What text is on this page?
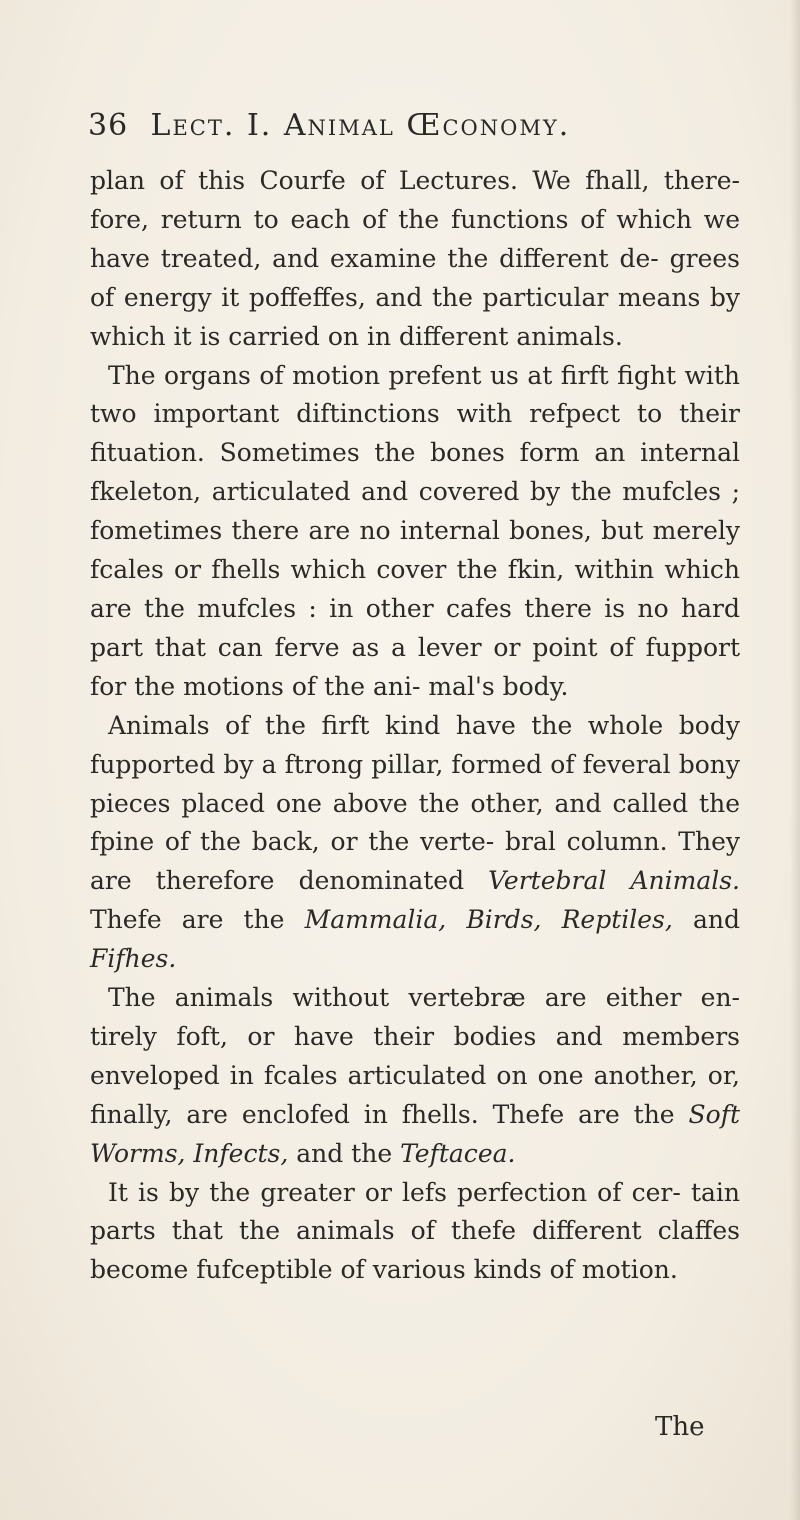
36 Lect. I. Animal Œconomy.

plan of this Courfe of Lectures. We fhall, there- fore, return to each of the functions of which we have treated, and examine the different de- grees of energy it poffeffes, and the particular means by which it is carried on in different animals.

The organs of motion prefent us at firft fight with two important diftinctions with refpect to their fituation. Sometimes the bones form an internal fkeleton, articulated and covered by the mufcles ; fometimes there are no internal bones, but merely fcales or fhells which cover the fkin, within which are the mufcles : in other cafes there is no hard part that can ferve as a lever or point of fupport for the motions of the ani- mal's body.

Animals of the firft kind have the whole body fupported by a ftrong pillar, formed of feveral bony pieces placed one above the other, and called the fpine of the back, or the verte- bral column. They are therefore denominated Vertebral Animals. Thefe are the Mammalia, Birds, Reptiles, and Fifhes.

The animals without vertebræ are either en- tirely foft, or have their bodies and members enveloped in fcales articulated on one another, or, finally, are enclofed in fhells. Thefe are the Soft Worms, Infects, and the Teftacea.

It is by the greater or lefs perfection of cer- tain parts that the animals of thefe different claffes become fufceptible of various kinds of motion.

The
